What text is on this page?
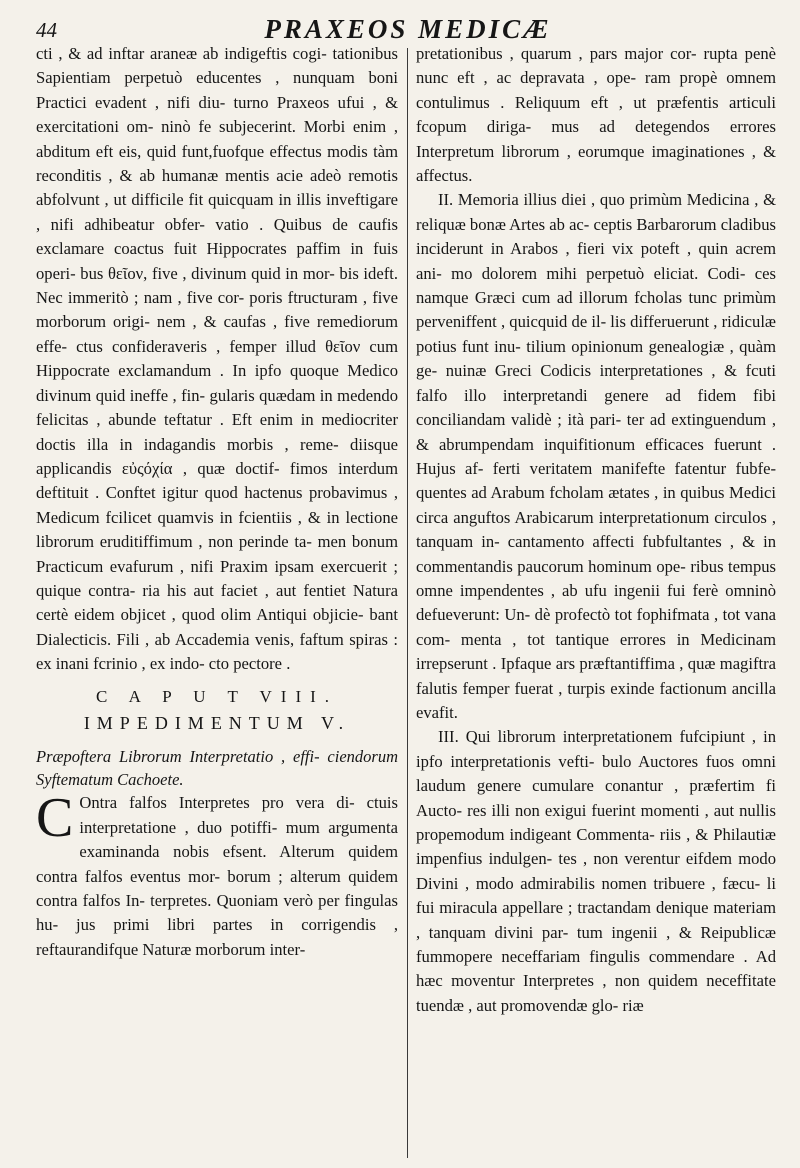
44	PRAXEOS MEDICÆ

cti , & ad inftar araneæ ab indigeftis cogi- tationibus Sapientiam perpetuò educentes , nunquam boni Practici evadent , nifi diu- turno Praxeos ufui , & exercitationi om- ninò fe subjecerint. Morbi enim , abditum eft eis, quid funt,fuofque effectus modis tàm reconditis , & ab humanæ mentis acie adeò remotis abfolvunt , ut difficile fit quicquam in illis inveftigare , nifi adhibeatur obfer- vatio . Quibus de caufis exclamare coactus fuit Hippocrates paffim in fuis operi- bus θεῖον, five , divinum quid in mor- bis ideft. Nec immeritò ; nam , five cor- poris ftructuram , five morborum origi- nem , & caufas , five remediorum effe- ctus confideraveris , femper illud θεῖον cum Hippocrate exclamandum . In ipfo quoque Medico divinum quid ineffe , fin- gularis quædam in medendo felicitas , abunde teftatur . Eft enim in mediocriter doctis illa in indagandis morbis , reme- diisque applicandis εὐςόχία , quæ doctif- fimos interdum deftituit . Conftet igitur quod hactenus probavimus , Medicum fcilicet quamvis in fcientiis , & in lectione librorum eruditiffimum , non perinde ta- men bonum Practicum evafurum , nifi Praxim ipsam exercuerit ; quique contra- ria his aut faciet , aut fentiet Natura certè eidem objicet , quod olim Antiqui objicie- bant Dialecticis. Fili , ab Accademia venis, faftum spiras : ex inani fcrinio , ex indo- cto pectore .

C A P U T VIII.
IMPEDIMENTUM V.

Præpoftera Librorum Interpretatio , effi- ciendorum Syftematum Cachoete.

C Ontra falfos Interpretes pro vera di- ctuis interpretatione , duo potiffi- mum argumenta examinanda nobis efsent. Alterum quidem contra falfos eventus mor- borum ; alterum quidem contra falfos In- terpretes. Quoniam verò per fingulas hu- jus primi libri partes in corrigendis , reftaurandifque Naturæ morborum inter-

pretationibus , quarum , pars major cor- rupta penè nunc eft , ac depravata , ope- ram propè omnem contulimus . Reliquum eft , ut præfentis articuli fcopum diriga- mus ad detegendos errores Interpretum librorum , eorumque imaginationes , & affectus.

II. Memoria illius diei , quo primùm Medicina , & reliquæ bonæ Artes ab ac- ceptis Barbarorum cladibus inciderunt in Arabos , fieri vix poteft , quin acrem ani- mo dolorem mihi perpetuò eliciat. Codi- ces namque Græci cum ad illorum fcholas tunc primùm perveniffent , quicquid de il- lis differuerunt , ridiculæ potius funt inu- tilium opinionum genealogiæ , quàm ge- nuinæ Greci Codicis interpretationes , & fcuti falfo illo interpretandi genere ad fidem fibi conciliandam validè ; ità pari- ter ad extinguendum , & abrumpendam inquifitionum efficaces fuerunt . Hujus af- ferti veritatem manifefte fatentur fubfe- quentes ad Arabum fcholam ætates , in quibus Medici circa anguftos Arabicarum interpretationum circulos , tanquam in- cantamento affecti fubfultantes , & in commentandis paucorum hominum ope- ribus tempus omne impendentes , ab ufu ingenii fui ferè omninò defueverunt: Un- dè profectò tot fophifmata , tot vana com- menta , tot tantique errores in Medicinam irrepserunt . Ipfaque ars præftantiffima , quæ magiftra falutis femper fuerat , turpis exinde factionum ancilla evafit.

III. Qui librorum interpretationem fufcipiunt , in ipfo interpretationis vefti- bulo Auctores fuos omni laudum genere cumulare conantur , præfertim fi Aucto- res illi non exigui fuerint momenti , aut nullis propemodum indigeant Commenta- riis , & Philautiæ impenfius indulgen- tes , non verentur eifdem modo Divini , modo admirabilis nomen tribuere , fæcu- li fui miracula appellare ; tractandam denique materiam , tanquam divini par- tum ingenii , & Reipublicæ fummopere neceffariam fingulis commendare . Ad hæc moventur Interpretes , non quidem neceffitate tuendæ , aut promovendæ glo- riæ
